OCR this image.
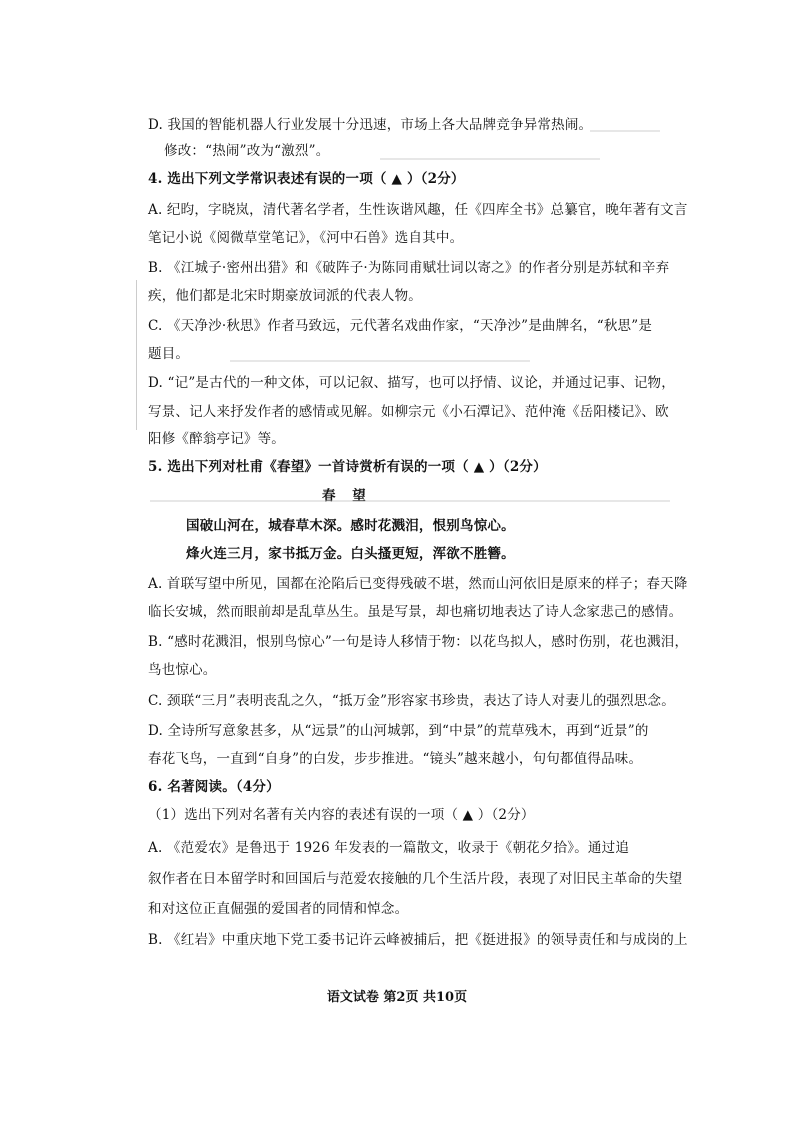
D. 我国的智能机器人行业发展十分迅速，市场上各大品牌竞争异常热闹。
修改：“热闹”改为“激烈”。
4. 选出下列文学常识表述有误的一项（ ▲ ）（2分）
A. 纪昀，字晓岚，清代著名学者，生性诙谐风趣，任《四库全书》总纂官，晚年著有文言
笔记小说《阅微草堂笔记》，《河中石兽》选自其中。
B. 《江城子·密州出猎》和《破阵子·为陈同甫赋壮词以寄之》的作者分别是苏轼和辛弃
疾，他们都是北宋时期豪放词派的代表人物。
C. 《天净沙·秋思》作者马致远，元代著名戏曲作家，“天净沙”是曲牌名，“秋思”是
题目。
D. “记”是古代的一种文体，可以记叙、描写，也可以抒情、议论，并通过记事、记物，
写景、记人来抒发作者的感情或见解。如柳宗元《小石潭记》、范仲淹《岳阳楼记》、欧
阳修《醉翁亭记》等。
5. 选出下列对杜甫《春望》一首诗赏析有误的一项（ ▲ ）（2分）
春 望
国破山河在，城春草木深。感时花溅泪，恨别鸟惊心。
烽火连三月，家书抵万金。白头搔更短，浑欲不胜簪。
A. 首联写望中所见，国都在沦陷后已变得残破不堪，然而山河依旧是原来的样子；春天降
临长安城，然而眼前却是乱草丛生。虽是写景，却也痛切地表达了诗人念家悲己的感情。
B. “感时花溅泪，恨别鸟惊心”一句是诗人移情于物：以花鸟拟人，感时伤别，花也溅泪，
鸟也惊心。
C. 颈联“三月”表明丧乱之久，“抵万金”形容家书珍贵，表达了诗人对妻儿的强烈思念。
D. 全诗所写意象甚多，从“远景”的山河城郭，到“中景”的荒草残木，再到“近景”的
春花飞鸟，一直到“自身”的白发，步步推进。“镜头”越来越小，句句都值得品味。
6. 名著阅读。（4分）
（1）选出下列对名著有关内容的表述有误的一项（ ▲ ）（2分）
A. 《范爱农》是鲁迅于 1926 年发表的一篇散文，收录于《朝花夕拾》。通过追
叙作者在日本留学时和回国后与范爱农接触的几个生活片段，表现了对旧民主革命的失望
和对这位正直倔强的爱国者的同情和悼念。
B. 《红岩》中重庆地下党工委书记许云峰被捕后，把《挺进报》的领导责任和与成岗的上
语文试卷 第2页 共10页
